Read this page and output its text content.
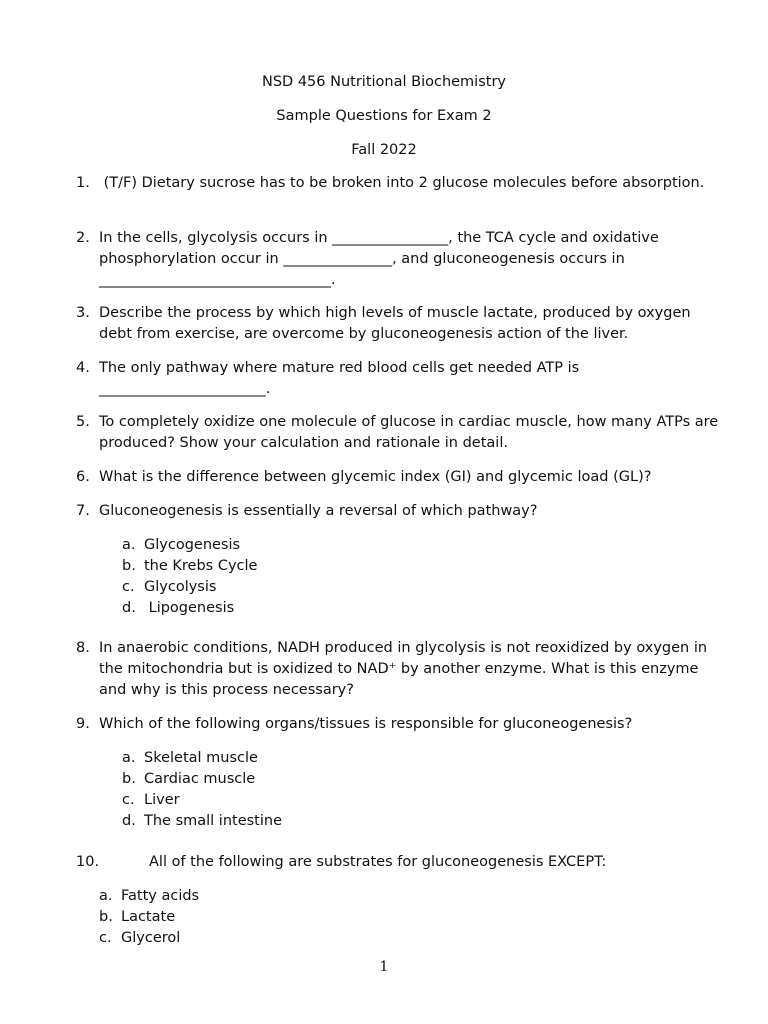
NSD 456 Nutritional Biochemistry
Sample Questions for Exam 2
Fall 2022
1. (T/F) Dietary sucrose has to be broken into 2 glucose molecules before absorption.
2. In the cells, glycolysis occurs in ________________, the TCA cycle and oxidative phosphorylation occur in _______________, and gluconeogenesis occurs in ________________________________.
3. Describe the process by which high levels of muscle lactate, produced by oxygen debt from exercise, are overcome by gluconeogenesis action of the liver.
4. The only pathway where mature red blood cells get needed ATP is _______________________.
5. To completely oxidize one molecule of glucose in cardiac muscle, how many ATPs are produced? Show your calculation and rationale in detail.
6. What is the difference between glycemic index (GI) and glycemic load (GL)?
7. Gluconeogenesis is essentially a reversal of which pathway?
a. Glycogenesis
b. the Krebs Cycle
c. Glycolysis
d. Lipogenesis
8. In anaerobic conditions, NADH produced in glycolysis is not reoxidized by oxygen in the mitochondria but is oxidized to NAD⁺ by another enzyme. What is this enzyme and why is this process necessary?
9. Which of the following organs/tissues is responsible for gluconeogenesis?
a. Skeletal muscle
b. Cardiac muscle
c. Liver
d. The small intestine
10.	All of the following are substrates for gluconeogenesis EXCEPT:
a. Fatty acids
b. Lactate
c. Glycerol
1
